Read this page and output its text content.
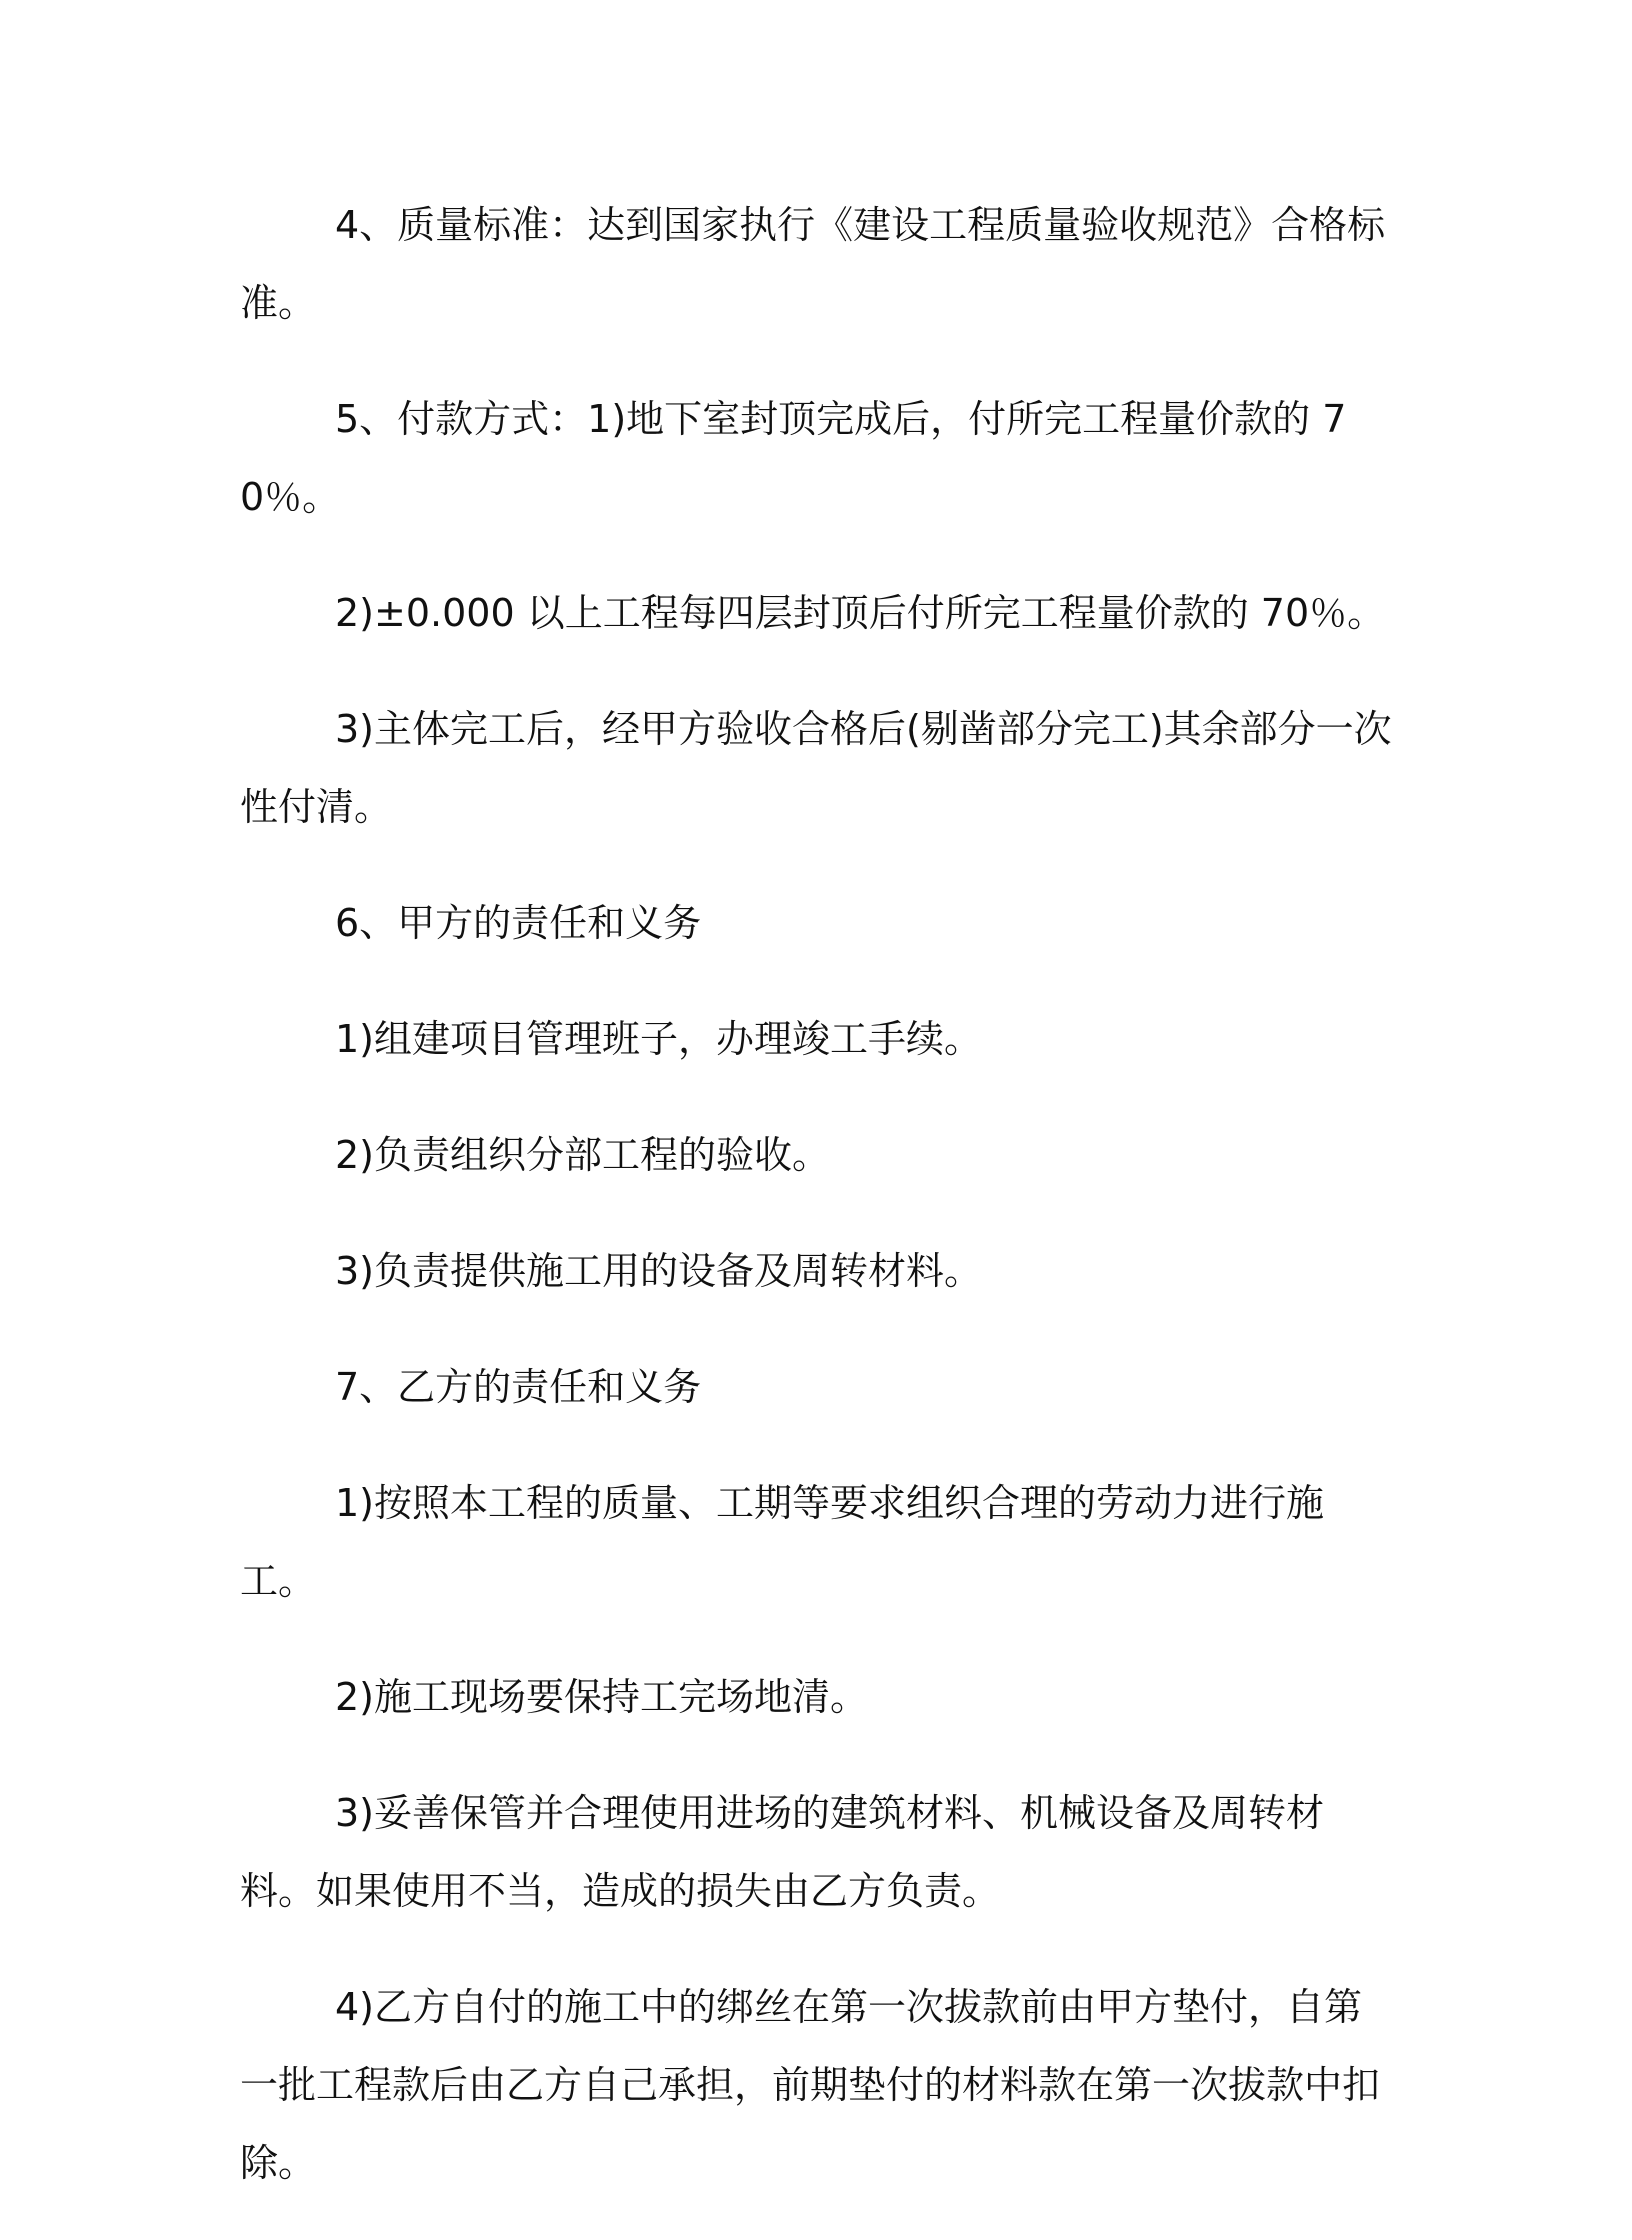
4、质量标准：达到国家执行《建设工程质量验收规范》合格标准。

5、付款方式：1)地下室封顶完成后，付所完工程量价款的 70％。

2)±0.000 以上工程每四层封顶后付所完工程量价款的 70％。

3)主体完工后，经甲方验收合格后(剔凿部分完工)其余部分一次性付清。

6、甲方的责任和义务

1)组建项目管理班子，办理竣工手续。

2)负责组织分部工程的验收。

3)负责提供施工用的设备及周转材料。

7、乙方的责任和义务

1)按照本工程的质量、工期等要求组织合理的劳动力进行施工。

2)施工现场要保持工完场地清。

3)妥善保管并合理使用进场的建筑材料、机械设备及周转材料。如果使用不当，造成的损失由乙方负责。

4)乙方自付的施工中的绑丝在第一次拔款前由甲方垫付，自第一批工程款后由乙方自己承担，前期垫付的材料款在第一次拔款中扣除。
